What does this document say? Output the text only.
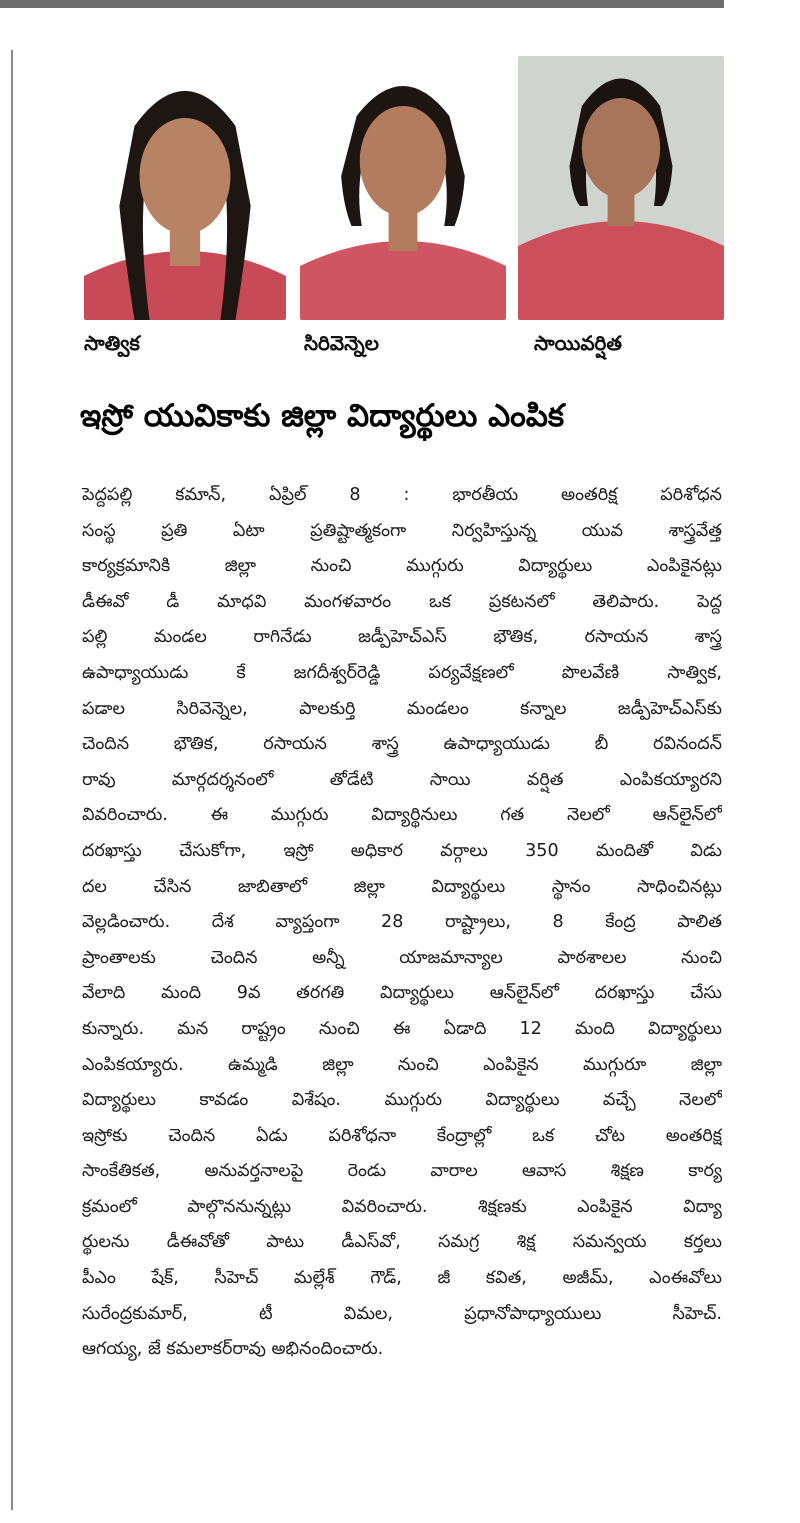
సాత్విక	సిరివెన్నెల	సాయివర్షిత
ఇస్రో యువికాకు జిల్లా విద్యార్థులు ఎంపిక
పెద్దపల్లి కమాన్, ఏప్రిల్ 8 : భారతీయ అంతరిక్ష పరిశోధన
సంస్థ ప్రతి ఏటా ప్రతిష్టాత్మకంగా నిర్వహిస్తున్న యువ శాస్త్రవేత్త
కార్యక్రమానికి జిల్లా నుంచి ముగ్గురు విద్యార్థులు ఎంపికైనట్లు
డీఈవో డీ మాధవి మంగళవారం ఒక ప్రకటనలో తెలిపారు. పెద్ద
పల్లి మండల రాగినేడు జడ్పీహెచ్ఎస్ భౌతిక, రసాయన శాస్త్ర
ఉపాధ్యాయుడు కే జగదీశ్వర్‌రెడ్డి పర్యవేక్షణలో పొలవేణి సాత్విక,
పడాల సిరివెన్నెల, పాలకుర్తి మండలం కన్నాల జడ్పీహెచ్ఎస్‌కు
చెందిన భౌతిక, రసాయన శాస్త్ర ఉపాధ్యాయుడు బీ రవినందన్
రావు మార్గదర్శనంలో తోడేటి సాయి వర్షిత ఎంపికయ్యారని
వివరించారు. ఈ ముగ్గురు విద్యార్థినులు గత నెలలో ఆన్‌లైన్‌లో
దరఖాస్తు చేసుకోగా, ఇస్రో అధికార వర్గాలు 350 మందితో విడు
దల చేసిన జాబితాలో జిల్లా విద్యార్థులు స్థానం సాధించినట్లు
వెల్లడించారు. దేశ వ్యాప్తంగా 28 రాష్ట్రాలు, 8 కేంద్ర పాలిత
ప్రాంతాలకు చెందిన అన్నీ యాజమాన్యాల పాఠశాలల నుంచి
వేలాది మంది 9వ తరగతి విద్యార్థులు ఆన్‌లైన్‌లో దరఖాస్తు చేసు
కున్నారు. మన రాష్ట్రం నుంచి ఈ ఏడాది 12 మంది విద్యార్థులు
ఎంపికయ్యారు. ఉమ్మడి జిల్లా నుంచి ఎంపికైన ముగ్గురూ జిల్లా
విద్యార్థులు కావడం విశేషం. ముగ్గురు విద్యార్థులు వచ్చే నెలలో
ఇస్రోకు చెందిన ఏడు పరిశోధనా కేంద్రాల్లో ఒక చోట అంతరిక్ష
సాంకేతికత, అనువర్తనాలపై రెండు వారాల ఆవాస శిక్షణ కార్య
క్రమంలో పాల్గొననున్నట్లు వివరించారు. శిక్షణకు ఎంపికైన విద్యా
ర్థులను డీఈవోతో పాటు డీఎస్‌వో, సమగ్ర శిక్ష సమన్వయ కర్తలు
పీఎం షేక్, సీహెచ్ మల్లేశ్ గౌడ్, జీ కవిత, అజీమ్, ఎంఈవోలు
సురేంద్రకుమార్, టీ విమల, ప్రధానోపాధ్యాయులు సీహెచ్.
ఆగయ్య, జే కమలాకర్‌రావు అభినందించారు.
